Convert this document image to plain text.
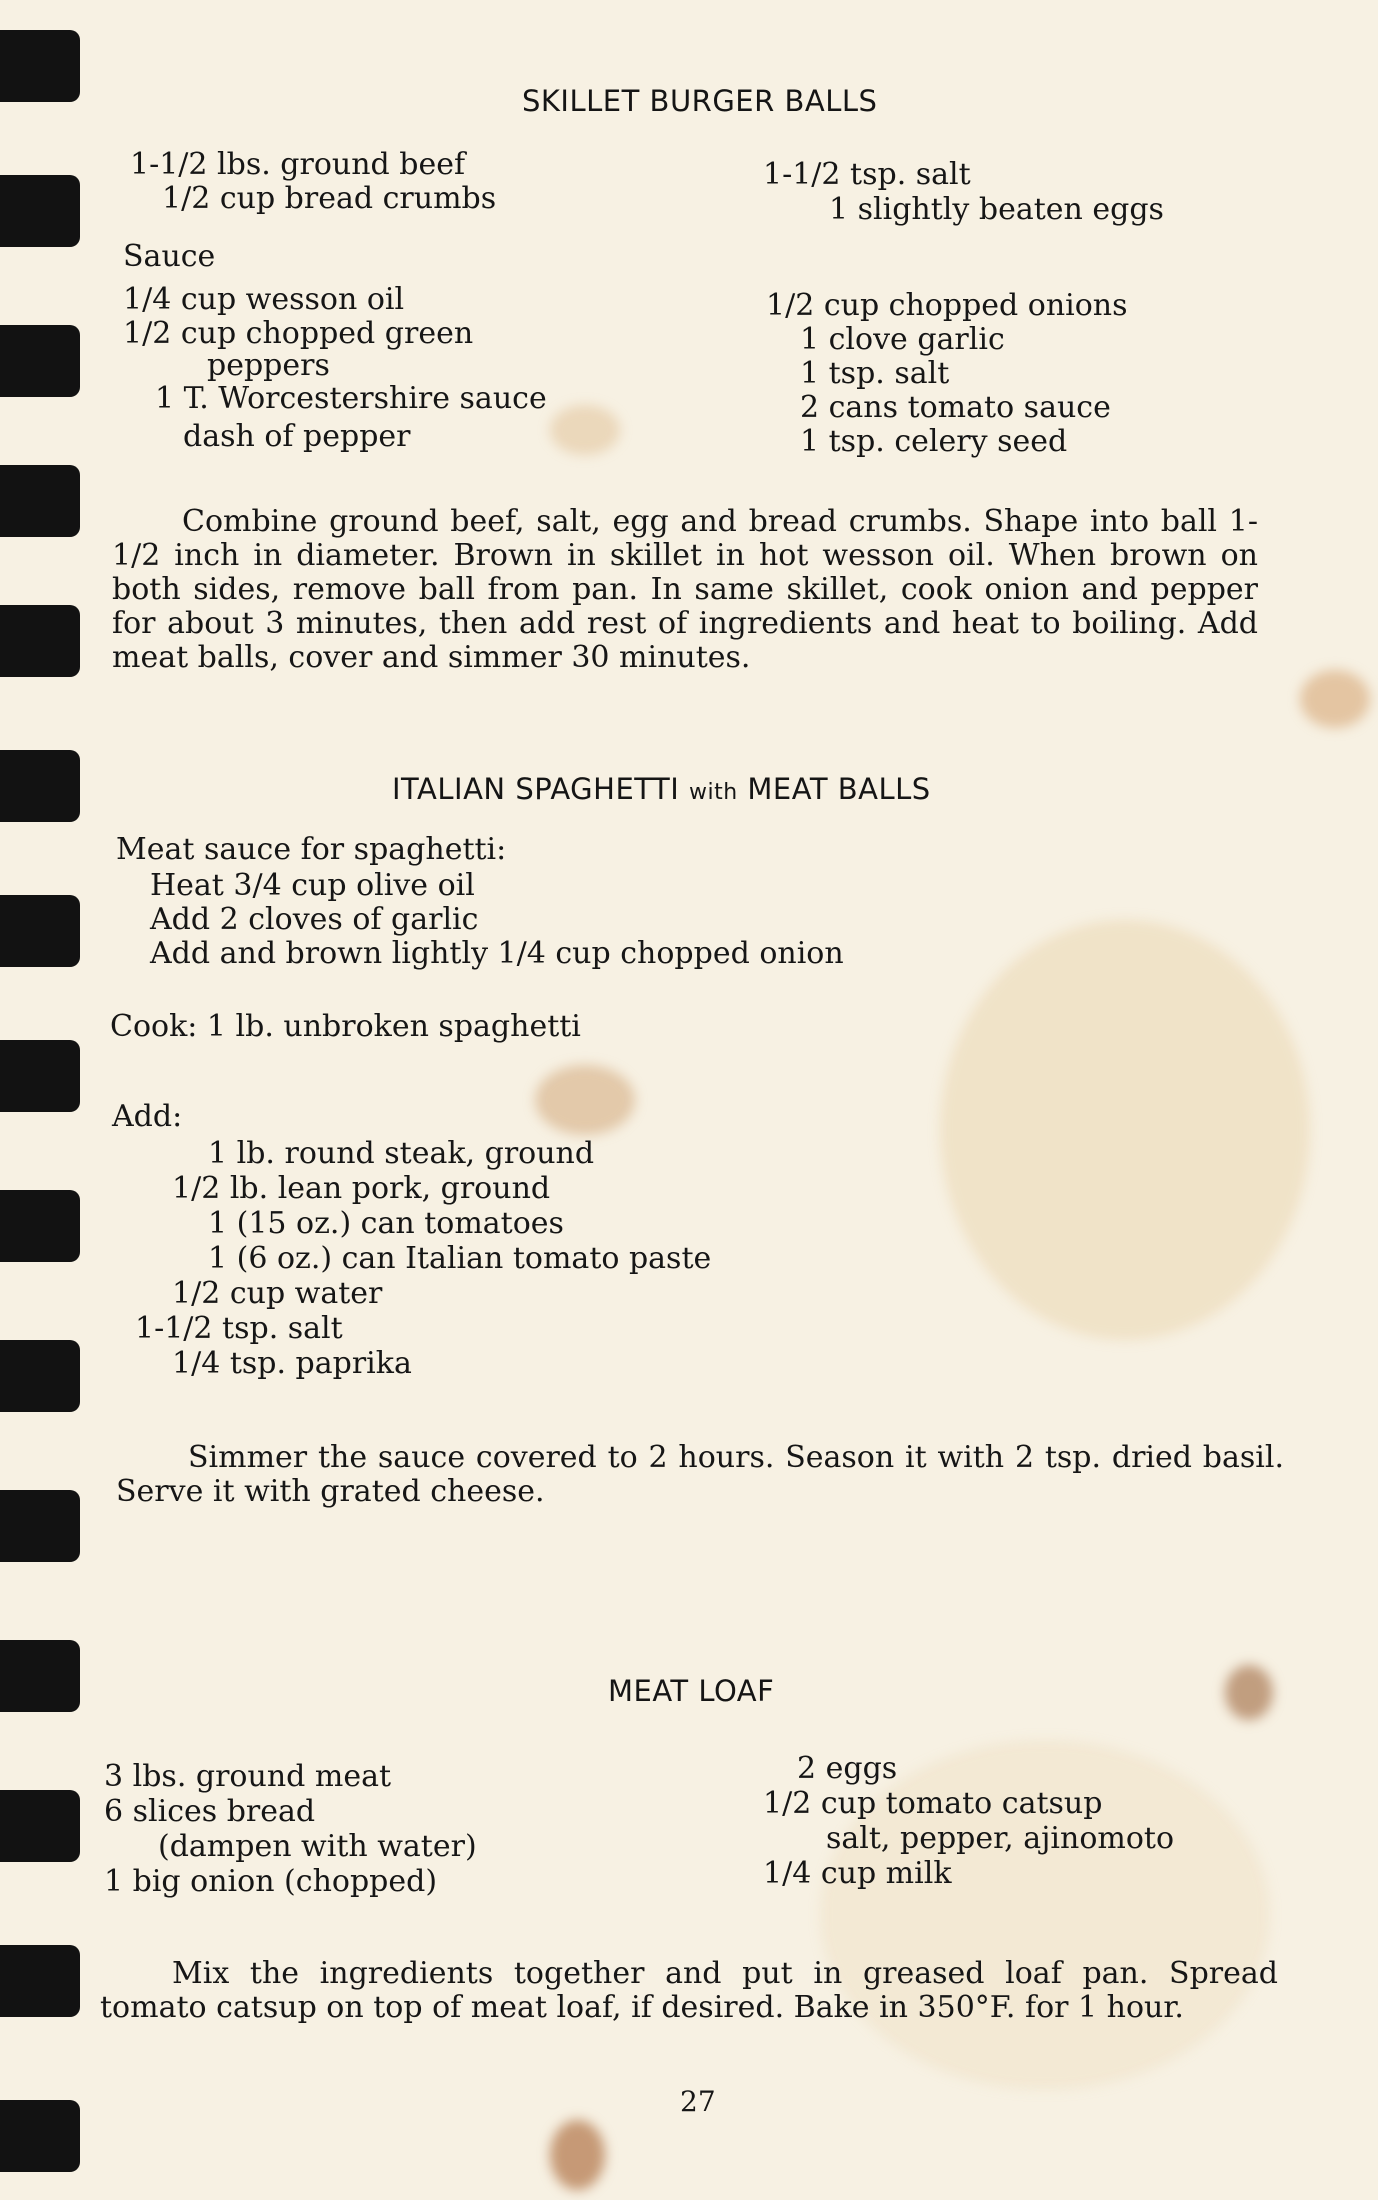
SKILLET BURGER BALLS
1-1/2 lbs. ground beef
1/2 cup bread crumbs
1-1/2 tsp. salt
1 slightly beaten eggs
Sauce
1/4 cup wesson oil
1/2 cup chopped green
peppers
1 T. Worcestershire sauce
dash of pepper
1/2 cup chopped onions
1 clove garlic
1 tsp. salt
2 cans tomato sauce
1 tsp. celery seed
Combine ground beef, salt, egg and bread crumbs. Shape into ball 1-1/2 inch in diameter. Brown in skillet in hot wesson oil. When brown on both sides, remove ball from pan. In same skillet, cook onion and pepper for about 3 minutes, then add rest of ingredients and heat to boiling. Add meat balls, cover and simmer 30 minutes.
ITALIAN SPAGHETTI with MEAT BALLS
Meat sauce for spaghetti:
Heat 3/4 cup olive oil
Add 2 cloves of garlic
Add and brown lightly 1/4 cup chopped onion
Cook: 1 lb. unbroken spaghetti
Add:
1 lb. round steak, ground
1/2 lb. lean pork, ground
1 (15 oz.) can tomatoes
1 (6 oz.) can Italian tomato paste
1/2 cup water
1-1/2 tsp. salt
1/4 tsp. paprika
Simmer the sauce covered to 2 hours. Season it with 2 tsp. dried basil. Serve it with grated cheese.
MEAT LOAF
3 lbs. ground meat
6 slices bread
(dampen with water)
1 big onion (chopped)
2 eggs
1/2 cup tomato catsup
salt, pepper, ajinomoto
1/4 cup milk
Mix the ingredients together and put in greased loaf pan. Spread tomato catsup on top of meat loaf, if desired. Bake in 350°F. for 1 hour.
27
